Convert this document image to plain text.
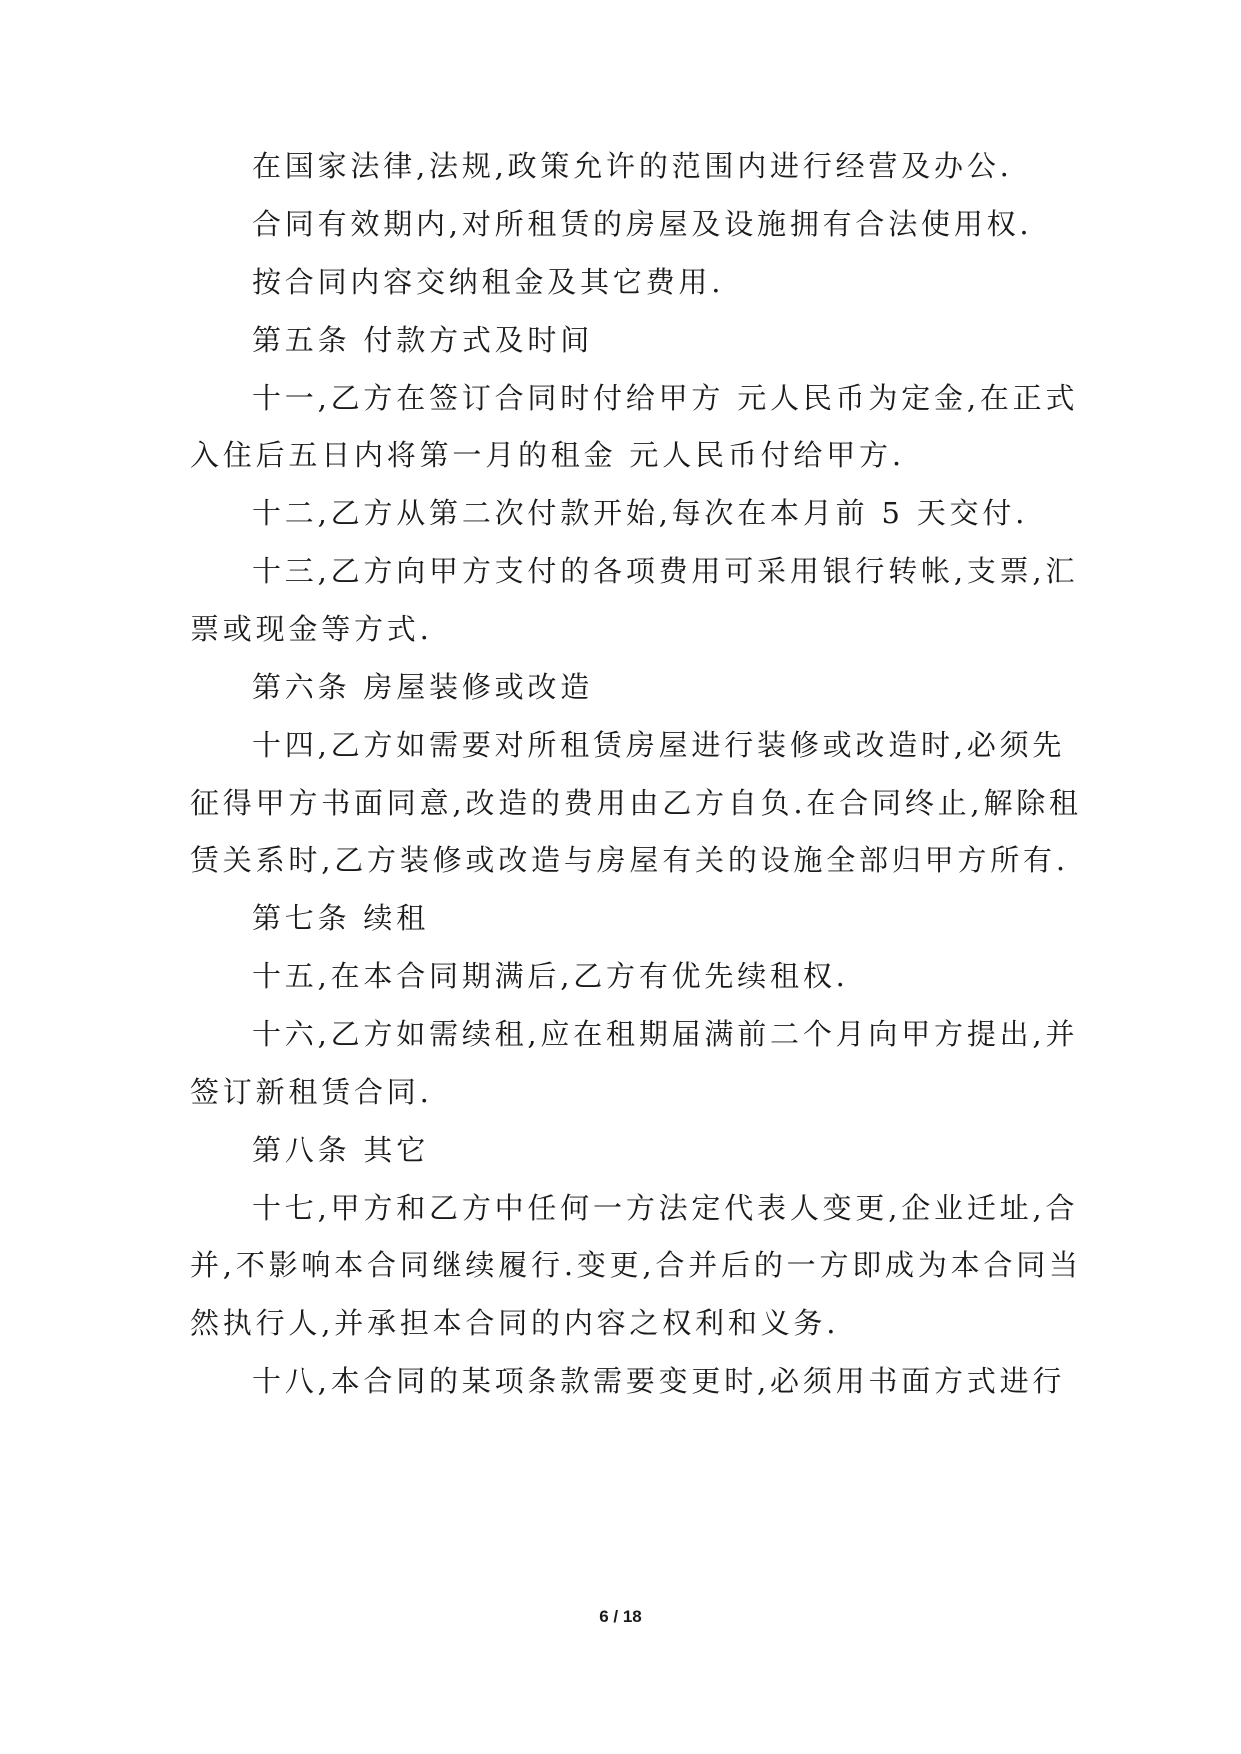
在国家法律,法规,政策允许的范围内进行经营及办公.
合同有效期内,对所租赁的房屋及设施拥有合法使用权.
按合同内容交纳租金及其它费用.
第五条 付款方式及时间
十一,乙方在签订合同时付给甲方 元人民币为定金,在正式
入住后五日内将第一月的租金 元人民币付给甲方.
十二,乙方从第二次付款开始,每次在本月前 5 天交付.
十三,乙方向甲方支付的各项费用可采用银行转帐,支票,汇
票或现金等方式.
第六条 房屋装修或改造
十四,乙方如需要对所租赁房屋进行装修或改造时,必须先
征得甲方书面同意,改造的费用由乙方自负.在合同终止,解除租
赁关系时,乙方装修或改造与房屋有关的设施全部归甲方所有.
第七条 续租
十五,在本合同期满后,乙方有优先续租权.
十六,乙方如需续租,应在租期届满前二个月向甲方提出,并
签订新租赁合同.
第八条 其它
十七,甲方和乙方中任何一方法定代表人变更,企业迁址,合
并,不影响本合同继续履行.变更,合并后的一方即成为本合同当
然执行人,并承担本合同的内容之权利和义务.
十八,本合同的某项条款需要变更时,必须用书面方式进行
6 / 18
